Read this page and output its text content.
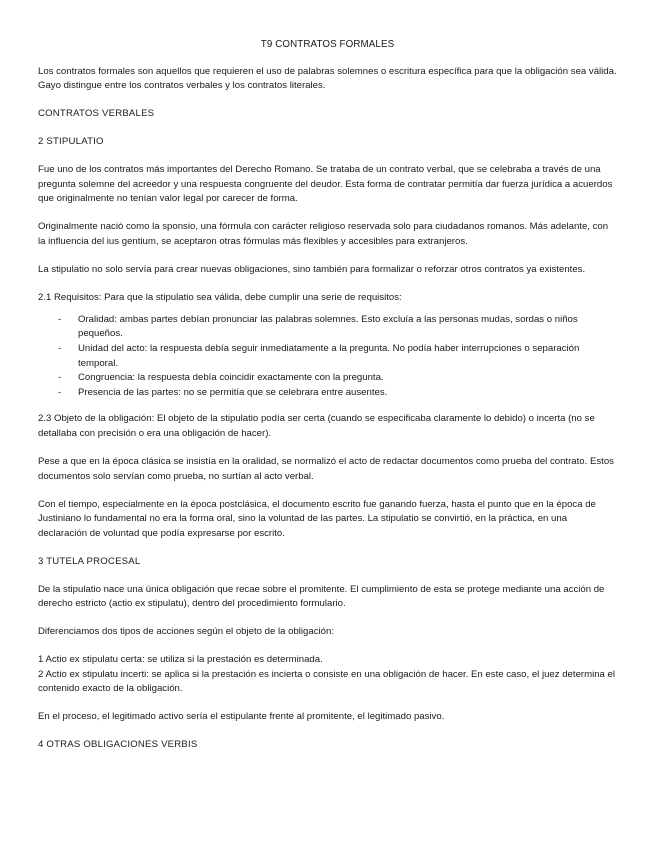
T9 CONTRATOS FORMALES

Los contratos formales son aquellos que requieren el uso de palabras solemnes o escritura específica para que la obligación sea válida. Gayo distingue entre los contratos verbales y los contratos literales.

CONTRATOS VERBALES
2 STIPULATIO

Fue uno de los contratos más importantes del Derecho Romano. Se trataba de un contrato verbal, que se celebraba a través de una pregunta solemne del acreedor y una respuesta congruente del deudor. Esta forma de contratar permitía dar fuerza jurídica a acuerdos que originalmente no tenían valor legal por carecer de forma.

Originalmente nació como la sponsio, una fórmula con carácter religioso reservada solo para ciudadanos romanos. Más adelante, con la influencia del ius gentium, se aceptaron otras fórmulas más flexibles y accesibles para extranjeros.

La stipulatio no solo servía para crear nuevas obligaciones, sino también para formalizar o reforzar otros contratos ya existentes.

2.1 Requisitos: Para que la stipulatio sea válida, debe cumplir una serie de requisitos:

- Oralidad: ambas partes debían pronunciar las palabras solemnes. Esto excluía a las personas mudas, sordas o niños pequeños.
- Unidad del acto: la respuesta debía seguir inmediatamente a la pregunta. No podía haber interrupciones o separación temporal.
- Congruencia: la respuesta debía coincidir exactamente con la pregunta.
- Presencia de las partes: no se permitía que se celebrara entre ausentes.

2.3 Objeto de la obligación: El objeto de la stipulatio podía ser certa (cuando se especificaba claramente lo debido) o incerta (no se detallaba con precisión o era una obligación de hacer).

Pese a que en la época clásica se insistía en la oralidad, se normalizó el acto de redactar documentos como prueba del contrato. Estos documentos solo servían como prueba, no surtían al acto verbal.

Con el tiempo, especialmente en la época postclásica, el documento escrito fue ganando fuerza, hasta el punto que en la época de Justiniano lo fundamental no era la forma oral, sino la voluntad de las partes. La stipulatio se convirtió, en la práctica, en una declaración de voluntad que podía expresarse por escrito.

3 TUTELA PROCESAL

De la stipulatio nace una única obligación que recae sobre el promitente. El cumplimiento de esta se protege mediante una acción de derecho estricto (actio ex stipulatu), dentro del procedimiento formulario.

Diferenciamos dos tipos de acciones según el objeto de la obligación:

1 Actio ex stipulatu certa: se utiliza si la prestación es determinada.

2 Actio ex stipulatu incerti: se aplica si la prestación es incierta o consiste en una obligación de hacer. En este caso, el juez determina el contenido exacto de la obligación.

En el proceso, el legitimado activo sería el estipulante frente al promitente, el legitimado pasivo.

4 OTRAS OBLIGACIONES VERBIS
